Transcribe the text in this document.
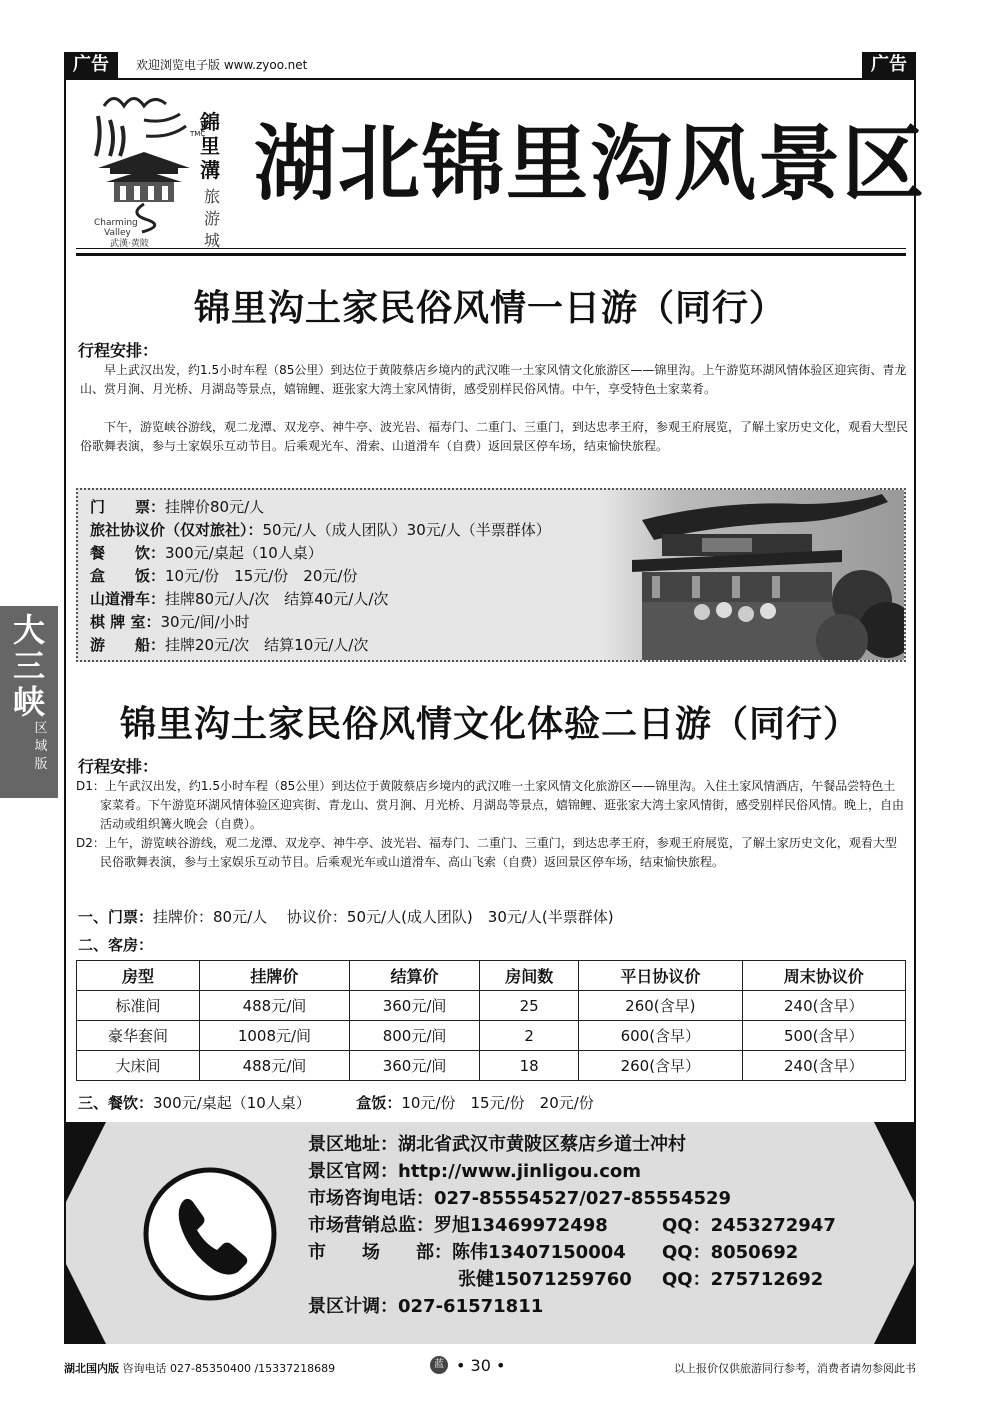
广告	欢迎浏览电子版 www.zyoo.net	广告
TMC
錦里溝
旅游城
Charming
Valley
武漢·黄陂
湖北锦里沟风景区
锦里沟土家民俗风情一日游（同行）
行程安排：
早上武汉出发，约1.5小时车程（85公里）到达位于黄陂蔡店乡境内的武汉唯一土家风情文化旅游区——锦里沟。上午游览环湖风情体验区迎宾街、青龙山、赏月涧、月光桥、月湖岛等景点，嬉锦鲤、逛张家大湾土家风情街，感受别样民俗风情。中午，享受特色土家菜肴。
下午，游览峡谷游线，观二龙潭、双龙亭、神牛亭、波光岩、福寿门、二重门、三重门，到达忠孝王府，参观王府展览，了解土家历史文化，观看大型民俗歌舞表演，参与土家娱乐互动节目。后乘观光车、滑索、山道滑车（自费）返回景区停车场，结束愉快旅程。
门　　票：挂牌价80元/人
旅社协议价（仅对旅社）：50元/人（成人团队）30元/人（半票群体）
餐　　饮：300元/桌起（10人桌）
盒　　饭：10元/份　15元/份　20元/份
山道滑车：挂牌80元/人/次　结算40元/人/次
棋 牌 室：30元/间/小时
游　　船：挂牌20元/次　结算10元/人/次
锦里沟土家民俗风情文化体验二日游（同行）
行程安排：
D1：上午武汉出发，约1.5小时车程（85公里）到达位于黄陂蔡店乡境内的武汉唯一土家风情文化旅游区——锦里沟。入住土家风情酒店，午餐品尝特色土家菜肴。下午游览环湖风情体验区迎宾街、青龙山、赏月涧、月光桥、月湖岛等景点，嬉锦鲤、逛张家大湾土家风情街，感受别样民俗风情。晚上，自由活动或组织篝火晚会（自费）。
D2：上午，游览峡谷游线，观二龙潭、双龙亭、神牛亭、波光岩、福寿门、二重门、三重门，到达忠孝王府，参观王府展览，了解土家历史文化，观看大型民俗歌舞表演，参与土家娱乐互动节目。后乘观光车或山道滑车、高山飞索（自费）返回景区停车场，结束愉快旅程。
一、门票：挂牌价：80元/人　 协议价：50元/人(成人团队)　30元/人(半票群体)
二、客房：
房型	挂牌价	结算价	房间数	平日协议价	周末协议价
标准间	488元/间	360元/间	25	260(含早)	240(含早）
豪华套间	1008元/间	800元/间	2	600(含早）	500(含早）
大床间	488元/间	360元/间	18	260(含早）	240(含早）
三、餐饮：300元/桌起（10人桌）	盒饭：10元/份　15元/份　20元/份
景区地址：湖北省武汉市黄陂区蔡店乡道士冲村
景区官网：http://www.jinligou.com
市场咨询电话：027-85554527/027-85554529
市场营销总监：罗旭13469972498	QQ：2453272947
市　　场　　部：陈伟13407150004 QQ：8050692
张健15071259760 QQ：275712692
景区计调：027-61571811
大三峡
区域版
湖北国内版 咨询电话 027-85350400 /15337218689	蓝 • 30 •	以上报价仅供旅游同行参考，消费者请勿参阅此书
